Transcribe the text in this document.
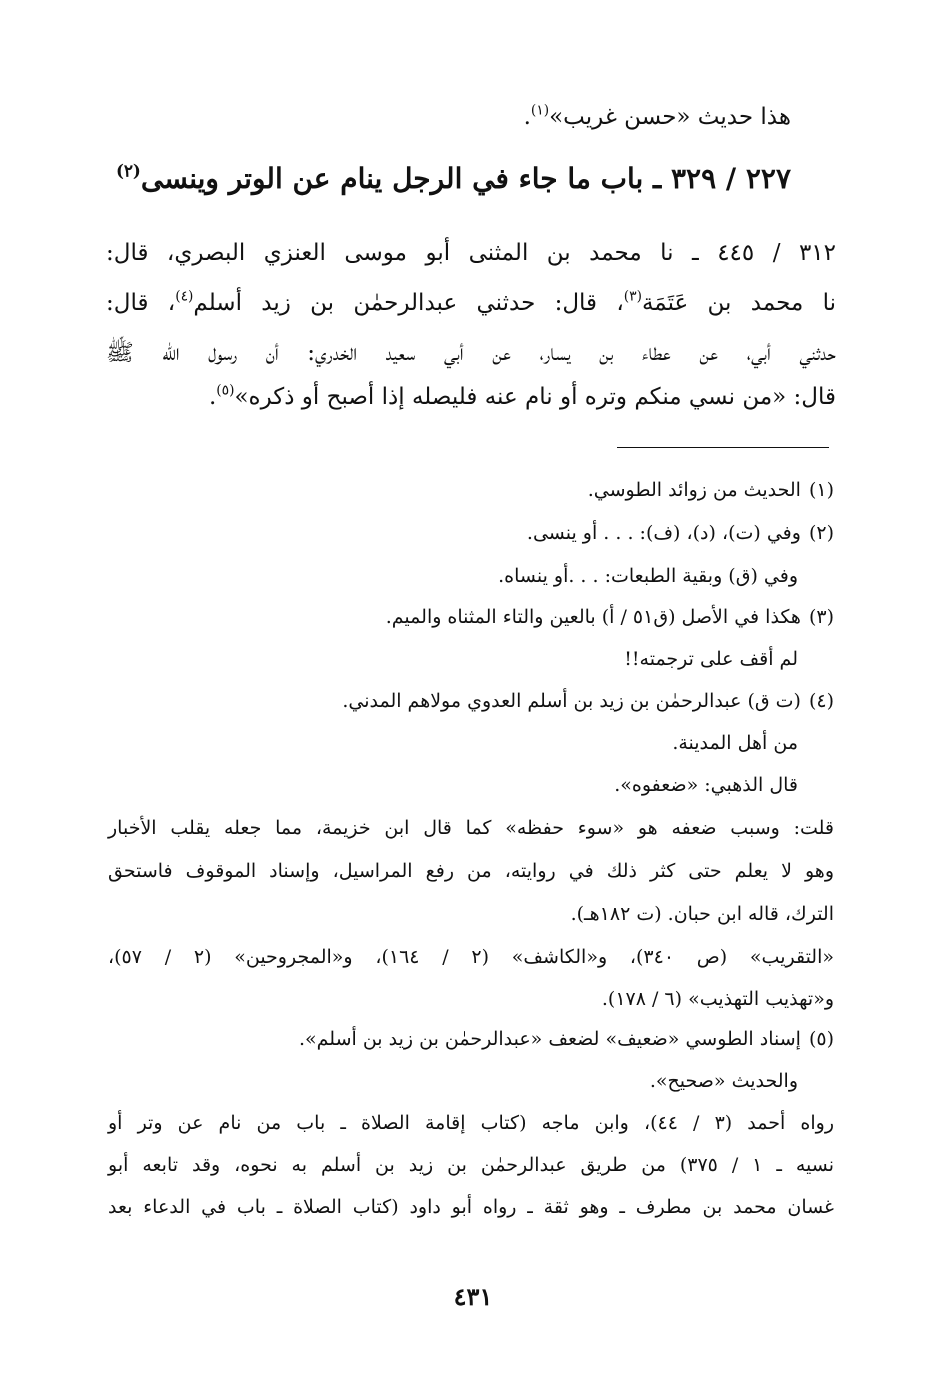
هذا حديث «حسن غريب»$^{(١)}$.
٢٢٧ / ٣٢٩ ـ باب ما جاء في الرجل ينام عن الوتر وينسى$^{(٢)}$
٣١٢ / ٤٤٥ ـ نا محمد بن المثنى أبو موسى العنزي البصري، قال:
نا محمد بن عَتَمَة$^{(٣)}$، قال: حدثني عبدالرحمٰن بن زيد أسلم$^{(٤)}$، قال:
حدثني أبي، عن عطاء بن يسار، عن أبي سعيد الخدري: أن رسول الله ﷺ
قال: «من نسي منكم وتره أو نام عنه فليصله إذا أصبح أو ذكره»$^{(٥)}$.
(١)الحديث من زوائد الطوسي.
(٢)وفي (ت)، (د)، (ف): . . . أو ينسى.
وفي (ق) وبقية الطبعات: . . .أو ينساه.
(٣)هكذا في الأصل (ق٥١ / أ) بالعين والتاء المثناه والميم.
لم أقف على ترجمته!!
(٤)(ت ق) عبدالرحمٰن بن زيد بن أسلم العدوي مولاهم المدني.
من أهل المدينة.
قال الذهبي: «ضعفوه».
قلت: وسبب ضعفه هو «سوء حفظه» كما قال ابن خزيمة، مما جعله يقلب الأخبار
وهو لا يعلم حتى كثر ذلك في روايته، من رفع المراسيل، وإسناد الموقوف فاستحق
الترك، قاله ابن حبان. (ت ١٨٢هـ).
«التقريب» (ص ٣٤٠)، و«الكاشف» (٢ / ١٦٤)، و«المجروحين» (٢ / ٥٧)،
و«تهذيب التهذيب» (٦ / ١٧٨).
(٥)إسناد الطوسي «ضعيف» لضعف «عبدالرحمٰن بن زيد بن أسلم».
والحديث «صحيح».
رواه أحمد (٣ / ٤٤)، وابن ماجه (كتاب إقامة الصلاة ـ باب من نام عن وتر أو
نسيه ـ ١ / ٣٧٥) من طريق عبدالرحمٰن بن زيد بن أسلم به نحوه، وقد تابعه أبو
غسان محمد بن مطرف ـ وهو ثقة ـ رواه أبو داود (كتاب الصلاة ـ باب في الدعاء بعد
٤٣١
